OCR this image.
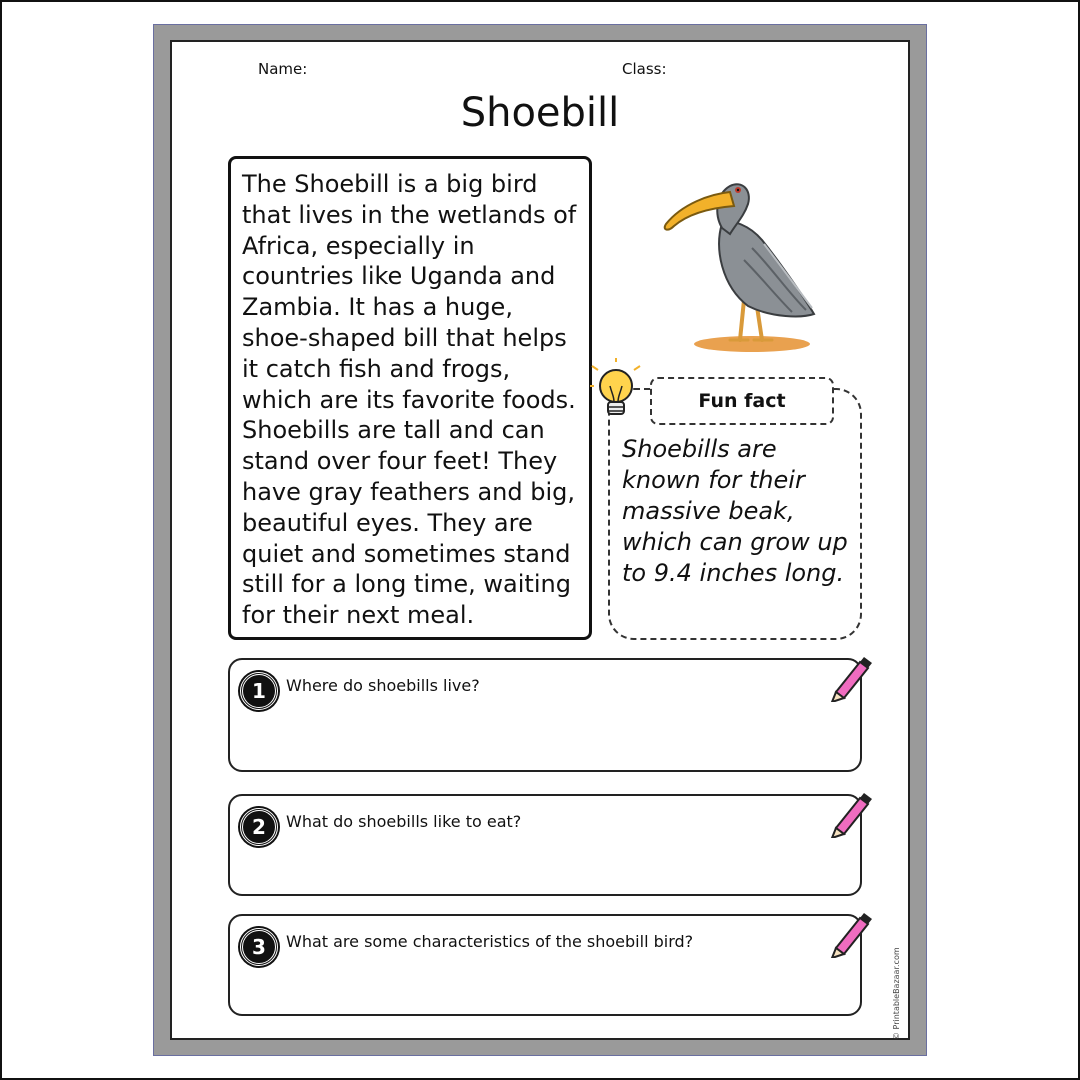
Name:	Class:
Shoebill
The Shoebill is a big bird that lives in the wetlands of Africa, especially in countries like Uganda and Zambia. It has a huge, shoe-shaped bill that helps it catch fish and frogs, which are its favorite foods. Shoebills are tall and can stand over four feet! They have gray feathers and big, beautiful eyes. They are quiet and sometimes stand still for a long time, waiting for their next meal.
Fun fact
Shoebills are known for their massive beak, which can grow up to 9.4 inches long.
1	Where do shoebills live?
2	What do shoebills like to eat?
3	What are some characteristics of the shoebill bird?
© PrintableBazaar.com
